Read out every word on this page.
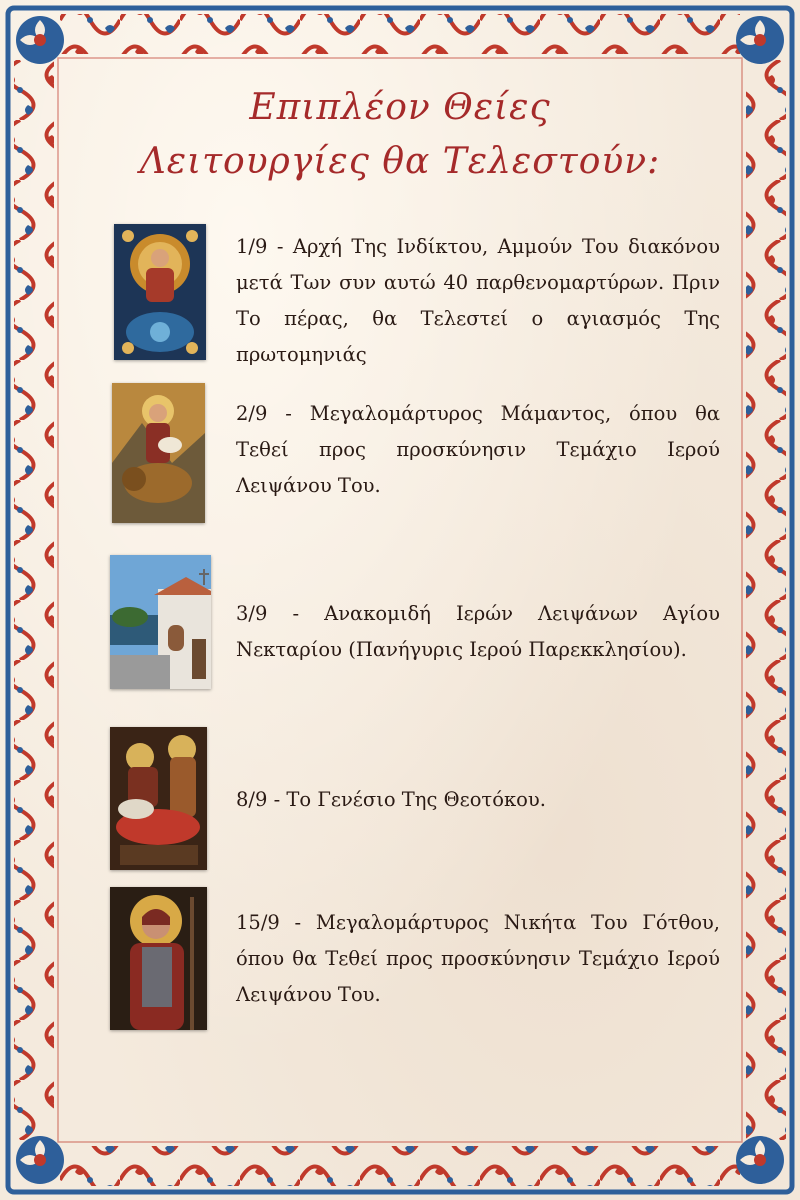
Επιπλέον Θείες
Λειτουργίες θα Τελεστούν:
1/9 - Αρχή Της Ινδίκτου, Αμμούν Του διακόνου μετά Των συν αυτώ 40 παρθενομαρτύρων. Πριν Το πέρας, θα Τελεστεί ο αγιασμός Της πρωτομηνιάς
2/9 - Μεγαλομάρτυρος Μάμαντος, όπου θα Τεθεί προς προσκύνησιν Τεμάχιο Ιερού Λειψάνου Του.
3/9 - Ανακομιδή Ιερών Λειψάνων Αγίου Νεκταρίου (Πανήγυρις Ιερού Παρεκκλησίου).
8/9 - Το Γενέσιο Της Θεοτόκου.
15/9 - Μεγαλομάρτυρος Νικήτα Του Γότθου, όπου θα Τεθεί προς προσκύνησιν Τεμάχιο Ιερού Λειψάνου Του.
